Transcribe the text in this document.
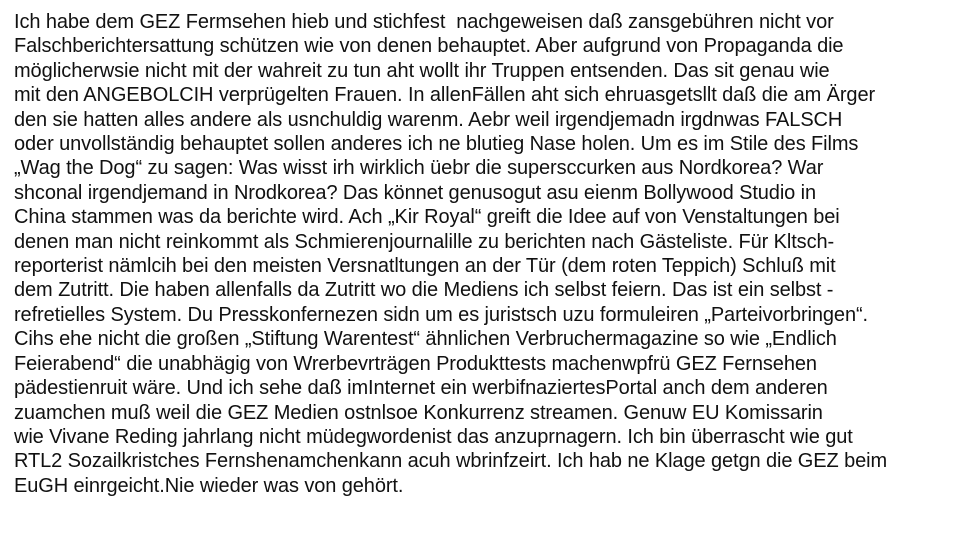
Ich habe dem GEZ Fermsehen hieb und stichfest  nachgeweisen daß zansgebühren nicht vor
Falschberichtersattung schützen wie von denen behauptet. Aber aufgrund von Propaganda die
möglicherwsie nicht mit der wahreit zu tun aht wollt ihr Truppen entsenden. Das sit genau wie
mit den ANGEBOLCIH verprügelten Frauen. In allenFällen aht sich ehruasgetsllt daß die am Ärger
den sie hatten alles andere als usnchuldig warenm. Aebr weil irgendjemadn irgdnwas FALSCH
oder unvollständig behauptet sollen anderes ich ne blutieg Nase holen. Um es im Stile des Films
„Wag the Dog“ zu sagen: Was wisst irh wirklich üebr die supersccurken aus Nordkorea? War
shconal irgendjemand in Nrodkorea? Das könnet genusogut asu eienm Bollywood Studio in
China stammen was da berichte wird. Ach „Kir Royal“ greift die Idee auf von Venstaltungen bei
denen man nicht reinkommt als Schmierenjournalille zu berichten nach Gästeliste. Für Kltsch-
reporterist nämlcih bei den meisten Versnatltungen an der Tür (dem roten Teppich) Schluß mit
dem Zutritt. Die haben allenfalls da Zutritt wo die Mediens ich selbst feiern. Das ist ein selbst -
refretielles System. Du Presskonfernezen sidn um es juristsch uzu formuleiren „Parteivorbringen“.
Cihs ehe nicht die großen „Stiftung Warentest“ ähnlichen Verbruchermagazine so wie „Endlich
Feierabend“ die unabhägig von Wrerbevrträgen Produkttests machenwpfrü GEZ Fernsehen
pädestienruit wäre. Und ich sehe daß imInternet ein werbifnaziertesPortal anch dem anderen
zuamchen muß weil die GEZ Medien ostnlsoe Konkurrenz streamen. Genuw EU Komissarin
wie Vivane Reding jahrlang nicht müdegwordenist das anzuprnagern. Ich bin überrascht wie gut
RTL2 Sozailkristches Fernshenamchenkann acuh wbrinfzeirt. Ich hab ne Klage getgn die GEZ beim
EuGH einrgeicht.Nie wieder was von gehört.
